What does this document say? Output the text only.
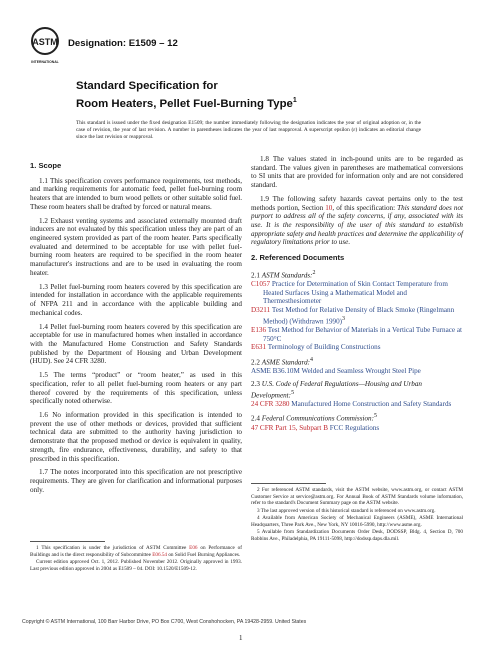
ASTM
INTERNATIONAL
Designation: E1509 – 12
Standard Specification for
Room Heaters, Pellet Fuel-Burning Type$^1$
This standard is issued under the fixed designation E1509; the number immediately following the designation indicates the year of original adoption or, in the case of revision, the year of last revision. A number in parentheses indicates the year of last reapproval. A superscript epsilon (ε) indicates an editorial change since the last revision or reapproval.
1. Scope

1.1 This specification covers performance requirements, test methods, and marking requirements for automatic feed, pellet fuel-burning room heaters that are intended to burn wood pellets or other suitable solid fuel. These room heaters shall be drafted by forced or natural means.

1.2 Exhaust venting systems and associated externally mounted draft inducers are not evaluated by this specification unless they are part of an engineered system provided as part of the room heater. Parts specifically evaluated and determined to be acceptable for use with pellet fuel-burning room heaters are required to be specified in the room heater manufacturer's instructions and are to be used in evaluating the room heater.

1.3 Pellet fuel-burning room heaters covered by this specification are intended for installation in accordance with the applicable requirements of NFPA 211 and in accordance with the applicable building and mechanical codes.

1.4 Pellet fuel-burning room heaters covered by this specification are acceptable for use in manufactured homes when installed in accordance with the Manufactured Home Construction and Safety Standards published by the Department of Housing and Urban Development (HUD). See 24 CFR 3280.

1.5 The terms “product” or “room heater,” as used in this specification, refer to all pellet fuel-burning room heaters or any part thereof covered by the requirements of this specification, unless specifically noted otherwise.

1.6 No information provided in this specification is intended to prevent the use of other methods or devices, provided that sufficient technical data are submitted to the authority having jurisdiction to demonstrate that the proposed method or device is equivalent in quality, strength, fire endurance, effectiveness, durability, and safety to that prescribed in this specification.

1.7 The notes incorporated into this specification are not prescriptive requirements. They are given for clarification and informational purposes only.

1.8 The values stated in inch-pound units are to be regarded as standard. The values given in parentheses are mathematical conversions to SI units that are provided for information only and are not considered standard.

1.9 The following safety hazards caveat pertains only to the test methods portion, Section 10, of this specification: This standard does not purport to address all of the safety concerns, if any, associated with its use. It is the responsibility of the user of this standard to establish appropriate safety and health practices and determine the applicability of regulatory limitations prior to use.

2. Referenced Documents
2.1 ASTM Standards:$^2$
C1057 Practice for Determination of Skin Contact Temperature from Heated Surfaces Using a Mathematical Model and Thermesthesiometer
D3211 Test Method for Relative Density of Black Smoke (Ringelmann Method) (Withdrawn 1990)$^3$
E136 Test Method for Behavior of Materials in a Vertical Tube Furnace at 750°C
E631 Terminology of Building Constructions
2.2 ASME Standard:$^4$
ASME B36.10M Welded and Seamless Wrought Steel Pipe
2.3 U.S. Code of Federal Regulations—Housing and Urban Development:$^5$
24 CFR 3280 Manufactured Home Construction and Safety Standards
2.4 Federal Communications Commission:$^5$
47 CFR Part 15, Subpart B FCC Regulations

1 This specification is under the jurisdiction of ASTM Committee E06 on Performance of Buildings and is the direct responsibility of Subcommittee E06.54 on Solid Fuel Burning Appliances.

Current edition approved Oct. 1, 2012. Published November 2012. Originally approved in 1993. Last previous edition approved in 2004 as E1509 – 04. DOI: 10.1520/E1509-12.

2 For referenced ASTM standards, visit the ASTM website, www.astm.org, or contact ASTM Customer Service at service@astm.org. For Annual Book of ASTM Standards volume information, refer to the standard's Document Summary page on the ASTM website.

3 The last approved version of this historical standard is referenced on www.astm.org.

4 Available from American Society of Mechanical Engineers (ASME), ASME International Headquarters, Three Park Ave., New York, NY 10016-5990, http://www.asme.org.

5 Available from Standardization Documents Order Desk, DODSSP, Bldg. 4, Section D, 700 Robbins Ave., Philadelphia, PA 19111-5098, http://dodssp.daps.dla.mil.

Copyright © ASTM International, 100 Barr Harbor Drive, PO Box C700, West Conshohocken, PA 19428-2959. United States
1
